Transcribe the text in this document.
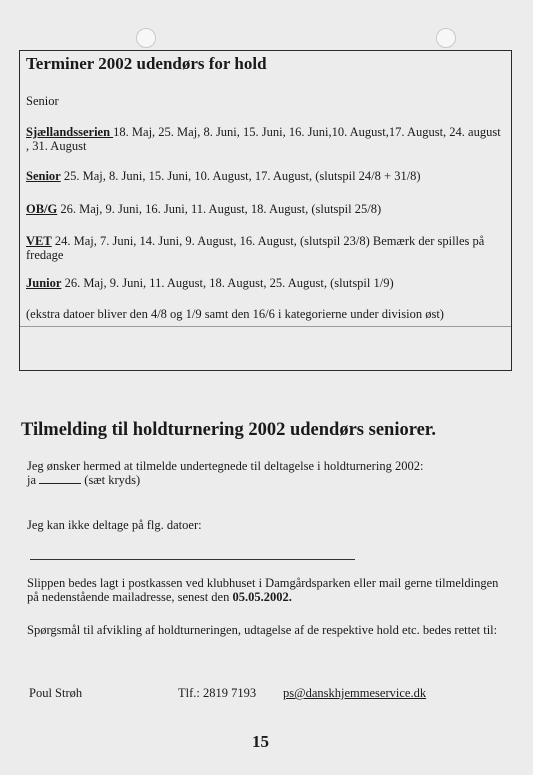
Terminer 2002 udendørs for hold
Senior
Sjællandsserien 18. Maj, 25. Maj, 8. Juni, 15. Juni, 16. Juni,10. August,17. August, 24. august , 31. August
Senior 25. Maj, 8. Juni, 15. Juni, 10. August, 17. August, (slutspil 24/8 + 31/8)
OB/G 26. Maj, 9. Juni, 16. Juni, 11. August, 18. August, (slutspil 25/8)
VET 24. Maj, 7. Juni, 14. Juni, 9. August, 16. August, (slutspil 23/8) Bemærk der spilles på fredage
Junior 26. Maj, 9. Juni, 11. August, 18. August, 25. August, (slutspil 1/9)
(ekstra datoer bliver den 4/8 og 1/9 samt den 16/6 i kategorierne under division øst)
Tilmelding til holdturnering 2002 udendørs seniorer.
Jeg ønsker hermed at tilmelde undertegnede til deltagelse i holdturnering 2002:
ja	(sæt kryds)
Jeg kan ikke deltage på flg. datoer:
Slippen bedes lagt i postkassen ved klubhuset i Damgårdsparken eller mail gerne tilmeldingen på nedenstående mailadresse, senest den 05.05.2002.
Spørgsmål til afvikling af holdturneringen, udtagelse af de respektive hold etc. bedes rettet til:
Poul Strøh	Tlf.: 2819 7193 ps@danskhjemmeservice.dk
15
